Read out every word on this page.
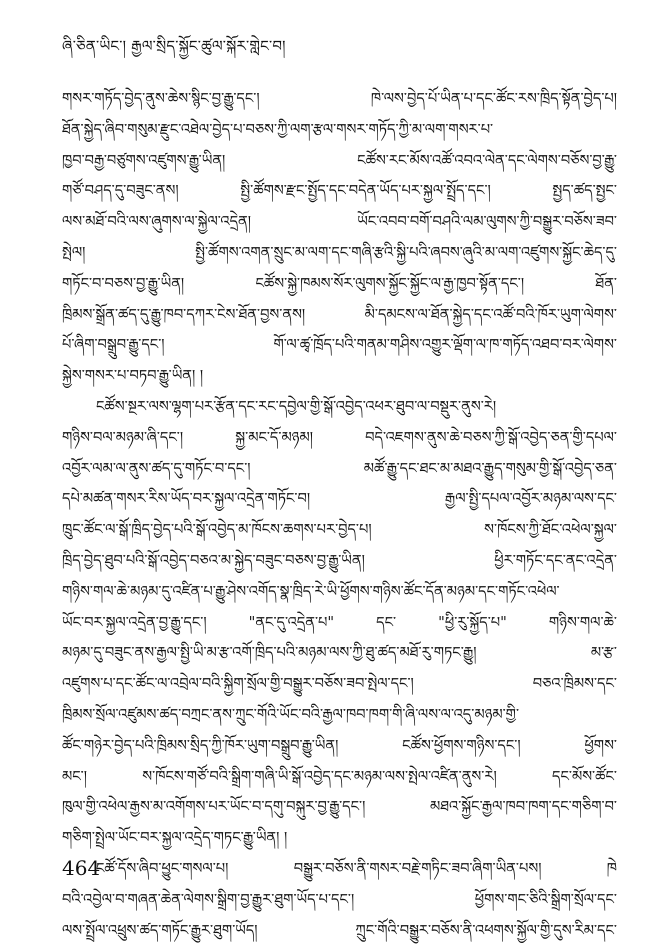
ཞི་ཅིན་ཡིང་། རྒྱལ་སྲིད་སྐྱོང་ཚུལ་སྐོར་གླེང་བ།
གསར་གཏོད་བྱེད་ནུས་ཆེས་སྙིང་བྱ་རྒྱུ་དང་། ཁེ་ལས་བྱེད་པོ་ཡིན་པ་དང་ཚོང་རས་ཁྲིད་སྟོན་བྱེད་པ།
ཐོན་སྐྱེད་ཞིབ་གསུམ་རྫུང་འཐེལ་བྱེད་པ་བཅས་ཀྱི་ལག་རྩལ་གསར་གཏོད་ཀྱི་མ་ལག་གསར་པ་
ཁྱབ་བརྒྱ་བཙུགས་འཛུགས་རྒྱུ་ཡིན། ངཚོས་རང་མོས་འཚོ་འབའ་ལེན་དང་ལེགས་བཅོས་བྱ་རྒྱུ་
གཙོ་བཤད་དུ་བཟུང་ནས། སྤྱི་ཚོགས་རྫང་སྤྱོད་དང་བདེན་ཡོད་པར་སྐྱལ་སྤྲོད་དང་། སྤྱད་ཚད་སྤྱང་
ལས་མཐོ་བའི་ལས་ཞུགས་ལ་སྐྱེལ་འདྲེན། ཡོང་འབབ་བགོ་བཤའི་ལམ་ལུགས་ཀྱི་བསྒྱུར་བཅོས་ཟབ་
སྤེལ། སྤྱི་ཚོགས་འགན་སྲུང་མ་ལག་དང་གཞི་རྩའི་སྐྱི་པའི་ཞབས་ཞུའི་མ་ལག་འཛུགས་སྐྱོང་ཆེད་དུ་
གཏོང་བ་བཅས་བྱ་རྒྱུ་ཡིན། ངཚོས་སྐྱེ་ཁམས་སོར་ལུགས་སྐྱོང་སྐྱོང་ལ་རྒྱ་ཁྱབ་སྟོན་དང་། ཐོན་
ཁྲིམས་སྒྲོན་ཚད་དུ་རྒྱུ་ཁབ་དཀར་ངེས་ཐོན་བྱས་ནས། མི་དམངས་ལ་ཐོན་སྐྱེད་དང་འཚོ་བའི་ཁོར་ཡུག་ལེགས་
པོ་ཞིག་བསྒྲུབ་རྒྱུ་དང་། གོ་ལ་ཚྭ་ཁྲོད་པའི་གནམ་གཤིས་འགྱུར་ལྡོག་ལ་ཁ་གཏོད་འཐབ་བར་ལེགས་
སྐྱེས་གསར་པ་བཏབ་རྒྱུ་ཡིན། །
ངཚོས་སྔར་ལས་ལྷག་པར་རྩོན་དང་རང་དབྱེལ་གྱི་སྒོ་འབྱེད་འཕར་ཐུབ་ལ་བསྡུར་ནུས་རེ།
གཉིས་བལ་མཉམ་ཞི་དང་། སྐྱ་མང་དོ་མཉམ། བདེ་འཇགས་ནུས་ཆེ་བཅས་ཀྱི་སྒོ་འབྱེད་ཅན་གྱི་དཔལ་
འབྱོར་ལམ་ལ་ནུས་ཚད་དུ་གཏོང་བ་དང་། མཚོ་རྒྱུ་དང་ཐང་མ་མཐའ་རྒྱུད་གསུམ་གྱི་སྒོ་འབྱེད་ཅན་
དཔེ་མཚན་གསར་རིས་ཡོད་བར་སྐྱལ་འདྲེན་གཏོང་བ། རྒྱལ་སྤྱི་དཔལ་འབྱོར་མཉམ་ལས་དང་
ཁྲུང་ཚོང་ལ་སྒོ་ཁྲིད་བྱེད་པའི་སྒོ་འབྱེད་མ་ཁོངས་ཆགས་པར་བྱེད་པ། ས་ཁོངས་ཀྱི་ཐོང་འཕེལ་སྐྱལ་
ཁྲིད་བྱེད་ཐུབ་པའི་སྒོ་འབྱེད་བཅའ་མ་སྐྱེད་བཟུང་བཅས་བྱ་རྒྱུ་ཡིན། ཕྱིར་གཏོང་དང་ནང་འདྲེན་
གཉིས་གལ་ཆེ་མཉམ་དུ་འཛིན་པ་རྒྱུ་ཤེས་འགོད་སྣ་ཁྲིད་རེ་ཡི་ཕྱོགས་གཉིས་ཚོང་དོན་མཉམ་དང་གཏོང་འཕེལ་
ཡོང་བར་སྐྱལ་འདྲེན་བྱ་རྒྱུ་དང་། "ནང་དུ་འདྲེན་པ" དང་ "ཕྱི་རུ་སྐྱོད་པ" གཉིས་གལ་ཆེ་
མཉམ་དུ་བཟུང་ནས་རྒྱལ་སྤྱི་ཡི་མ་རྩ་འགོ་ཁྲིད་པའི་མཉམ་ལས་ཀྱི་ཐུ་ཚད་མཐོ་རུ་གཏང་རྒྱུ། མ་རྩ་
འཛུགས་པ་དང་ཚོང་ལ་འབྲེལ་བའི་སྐྱིག་སྲོལ་གྱི་བསྒྱུར་བཅོས་ཟབ་སྤེལ་དང་། བཅའ་ཁྲིམས་དང་
ཁྲིམས་སྲོལ་འཛུམས་ཚད་བཀྲང་ནས་ཀྲུང་གོའི་ཡོང་བའི་རྒྱལ་ཁབ་ཁག་གི་ཞི་ལས་ལ་འདུ་མཉམ་གྱི་
ཚོང་གཉེར་བྱེད་པའི་ཁྲིམས་སྲིད་ཀྱི་ཁོར་ཡུག་བསྒྲུབ་རྒྱུ་ཡིན། ངཚོས་ཕྱོགས་གཉིས་དང་། ཕྱོགས་
མང་། ས་ཁོངས་གཙོ་བའི་སྒྲིག་གཞི་ཡི་སྒོ་འབྱེད་དང་མཉམ་ལས་སྤེལ་འཛིན་ནུས་རེ། དང་མོས་ཚོང་
ཁུལ་གྱི་འཕེལ་རྒྱས་མ་འགོགས་པར་ཡོང་བ་དགུ་བསྐུར་བྱ་རྒྱུ་དང་། མཐའ་སྐྱོང་རྒྱལ་ཁབ་ཁག་དང་གཅིག་བ་
གཅིག་སྤྲེལ་ཡོང་བར་སྐྱལ་འདྲེད་གཏང་རྒྱུ་ཡིན། །
ངཚོ་དོས་ཞིབ་ཕྱུང་གསལ་པ། བསྒྱུར་བཅོས་ནི་གསར་བརྗེ་གཏིང་ཟབ་ཞིག་ཡིན་པས། ཁེ
བའི་འབྱེལ་བ་གཞན་ཆེན་ལེགས་སྒྲིག་བྱ་རྒྱུར་ཐུག་ཡོད་པ་དང་། ཕྱོགས་གང་ཅིའི་སྒྲིག་སྲོལ་དང་
ལས་སྤྲོལ་འཕྲུས་ཚད་གཏོང་རྒྱུར་ཐུག་ཡོད། ཀྲུང་གོའི་བསྒྱུར་བཅོས་ནི་འཕགས་སྐྱོལ་གྱི་དུས་རིམ་དང་
464
